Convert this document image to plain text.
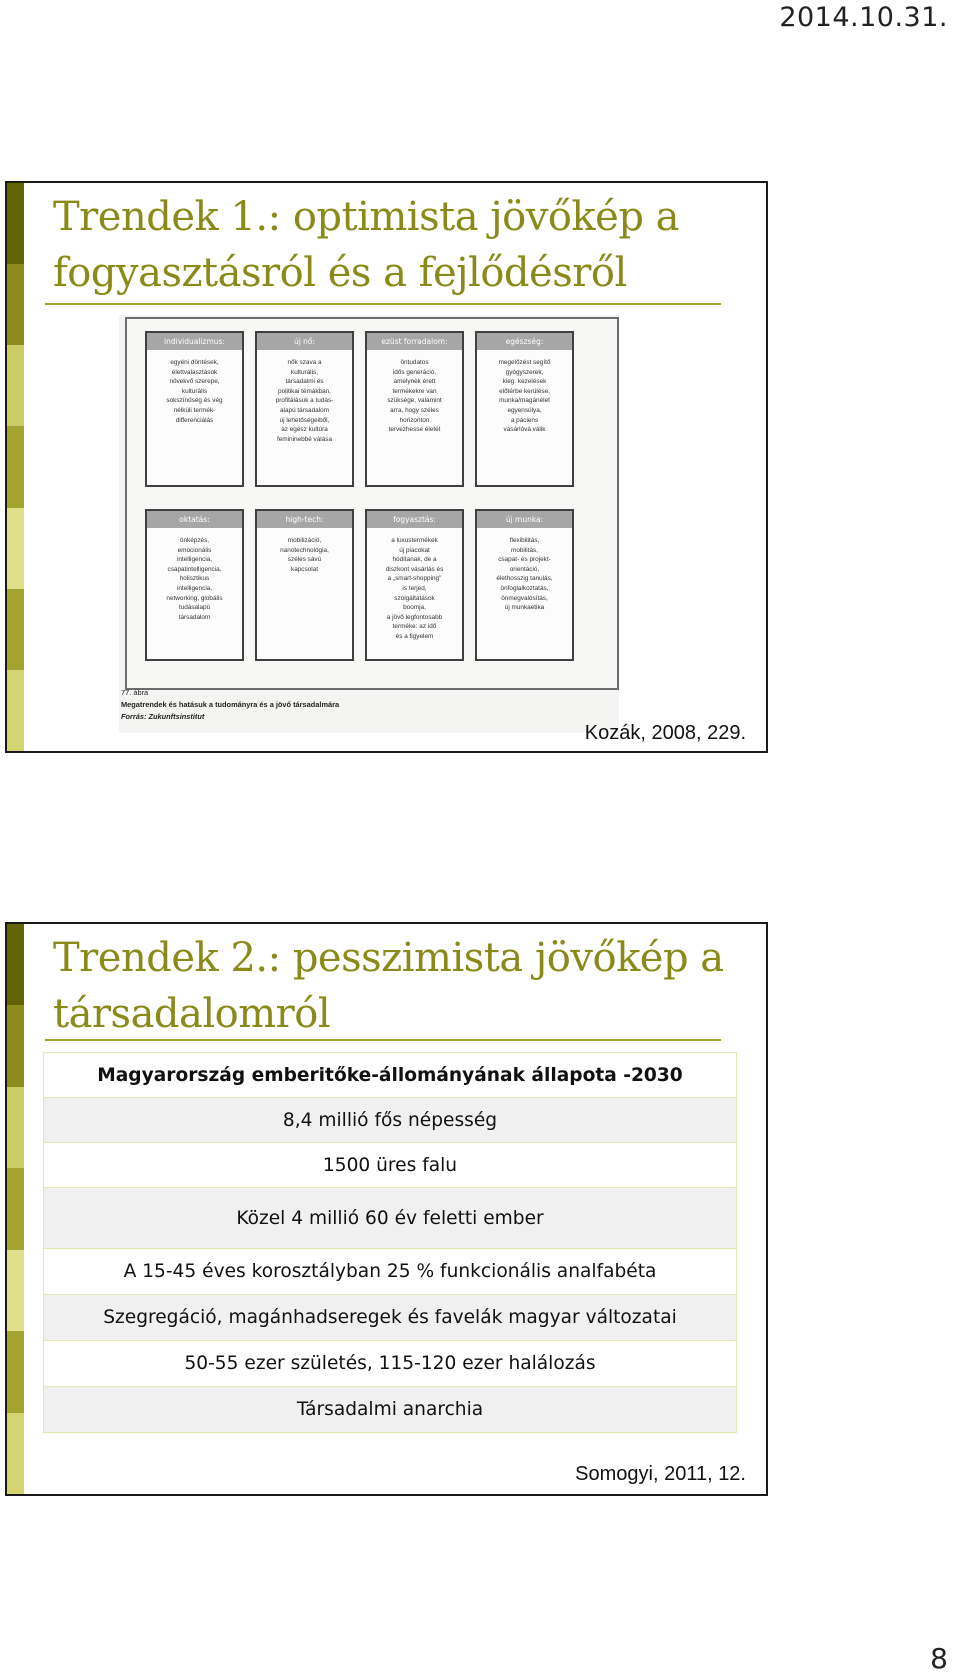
2014.10.31.
Trendek 1.: optimista jövőkép a
fogyasztásról és a fejlődésről
individualizmus:
egyéni döntések,
élettvalasztások
növekvő szerepe,
kulturális
sokszínűség és vég
nélküli termék-
differenciálás
új nő:
nők szava a
kulturális,
társadalmi és
politikai témákban,
profitálásuk a tudás-
alapú társadalom
új lehetőségeiből,
az egész kultúra
femininebbé válása
ezüst forradalom:
öntudatos
idős generáció,
amelynek érett
termékekre van
szüksége, valamint
arra, hogy széles
horizonton
tervezhesse életét
egészség:
megelőzést segítő
gyógyszerek,
kieg. kezelések
előtérbe kerülése,
munka/magánélet
egyensúlya,
a páciens
vásárlóvá válik
oktatás:
önképzés,
emocionális
intelligencia,
csapatintelligencia,
holisztikus
intelligencia,
networking, globális
tudásalapú
társadalom
high-tech:
mobilizáció,
nanotechnológia,
széles sávú
kapcsolat
fogyasztás:
a luxustermékek
új piacokat
hódítanak, de a
diszkont vásárlás és
a „smart-shopping"
is terjed,
szolgáltatások
boomja,
a jövő legfontosabb
terméke: az idő
és a figyelem
új munka:
flexibilitás,
mobilitás,
csapat- és projekt-
orientáció,
élethosszig tanulás,
önfoglalkoztatás,
önmegvalósítás,
új munkaetika
77. ábra
Megatrendek és hatásuk a tudományra és a jövő társadalmára
Forrás: Zukunftsinstitut
Kozák, 2008, 229.
Trendek 2.: pesszimista jövőkép a
társadalomról
Magyarország emberitőke-állományának állapota -2030
8,4 millió fős népesség
1500 üres falu
Közel 4 millió 60 év feletti ember
A 15-45 éves korosztályban 25 % funkcionális analfabéta
Szegregáció, magánhadseregek és favelák magyar változatai
50-55 ezer születés, 115-120 ezer halálozás
Társadalmi anarchia
Somogyi, 2011, 12.
8
